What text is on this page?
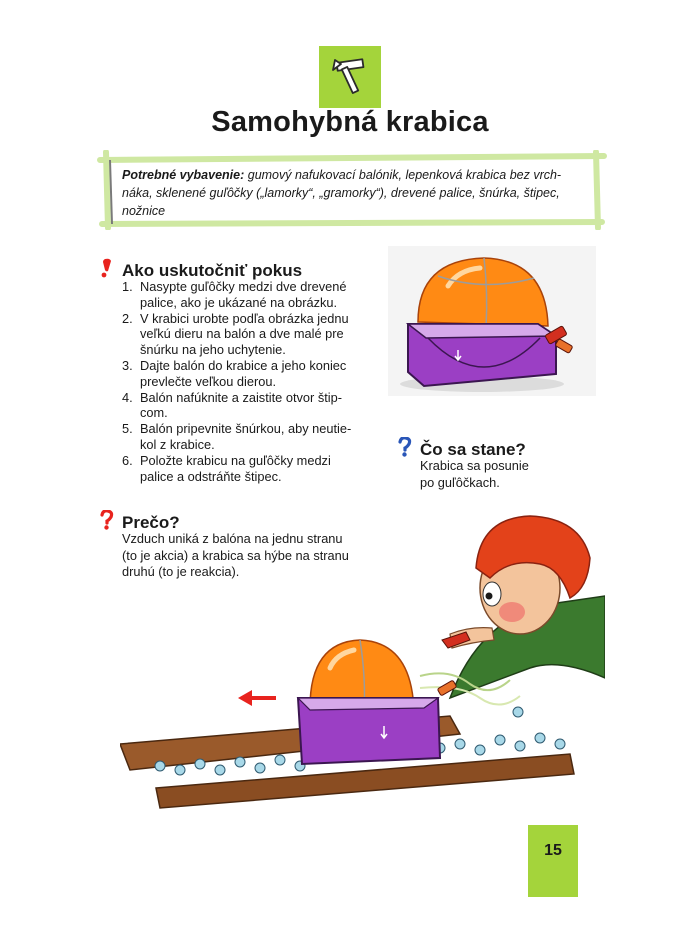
Samohybná krabica
Potrebné vybavenie: gumový nafukovací balónik, lepenková krabica bez vrch-
náka, sklenené guľôčky („lamorky“, „gramorky“), drevené palice, šnúrka, štipec,
nožnice
Ako uskutočniť pokus
1. Nasypte guľôčky medzi dve drevené
palice, ako je ukázané na obrázku.
2. V krabici urobte podľa obrázka jednu
veľkú dieru na balón a dve malé pre
šnúrku na jeho uchytenie.
3. Dajte balón do krabice a jeho koniec
prevlečte veľkou dierou.
4. Balón nafúknite a zaistite otvor štip-
com.
5. Balón pripevnite šnúrkou, aby neutie-
kol z krabice.
6. Položte krabicu na guľôčky medzi
palice a odstráňte štipec.
Čo sa stane?
Krabica sa posunie
po guľôčkach.
Prečo?
Vzduch uniká z balóna na jednu stranu
(to je akcia) a krabica sa hýbe na stranu
druhú (to je reakcia).
15
